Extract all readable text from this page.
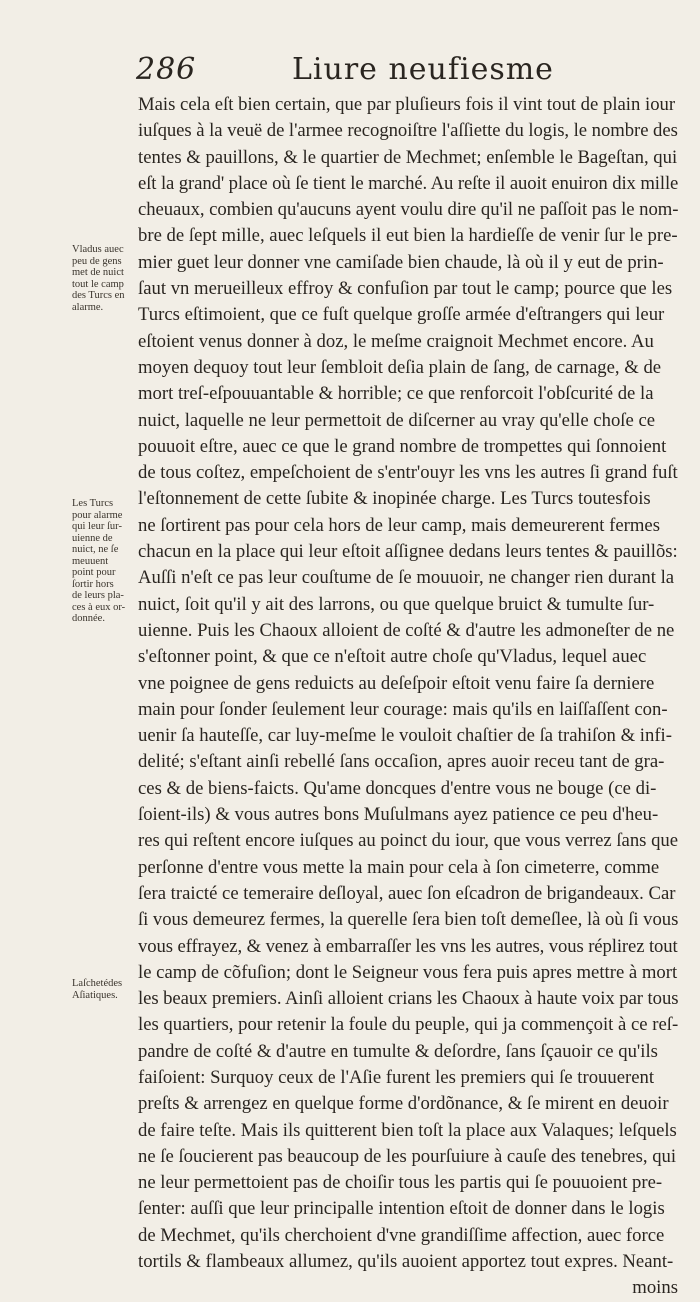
286	Liure neufiesme
Mais cela eſt bien certain, que par pluſieurs fois il vint tout de plain iour
iuſques à la veuë de l'armee recognoiſtre l'aſſiette du logis, le nombre des
tentes & pauillons, & le quartier de Mechmet; enſemble le Bageſtan, qui
eſt la grand' place où ſe tient le marché. Au reſte il auoit enuiron dix mille
cheuaux, combien qu'aucuns ayent voulu dire qu'il ne paſſoit pas le nom-
bre de ſept mille, auec leſquels il eut bien la hardieſſe de venir ſur le pre-
mier guet leur donner vne camiſade bien chaude, là où il y eut de prin-
ſaut vn merueilleux effroy & confuſion par tout le camp; pource que les
Turcs eſtimoient, que ce fuſt quelque groſſe armée d'eſtrangers qui leur
eſtoient venus donner à doz, le meſme craignoit Mechmet encore. Au
moyen dequoy tout leur ſembloit deſia plain de ſang, de carnage, & de
mort treſ-eſpouuantable & horrible; ce que renforcoit l'obſcurité de la
nuict, laquelle ne leur permettoit de diſcerner au vray qu'elle choſe ce
pouuoit eſtre, auec ce que le grand nombre de trompettes qui ſonnoient
de tous coſtez, empeſchoient de s'entr'ouyr les vns les autres ſi grand fuſt
l'eſtonnement de cette ſubite & inopinée charge. Les Turcs toutesfois
ne ſortirent pas pour cela hors de leur camp, mais demeurerent fermes
chacun en la place qui leur eſtoit aſſignee dedans leurs tentes & pauillõs:
Auſſi n'eſt ce pas leur couſtume de ſe mouuoir, ne changer rien durant la
nuict, ſoit qu'il y ait des larrons, ou que quelque bruict & tumulte ſur-
uienne. Puis les Chaoux alloient de coſté & d'autre les admoneſter de ne
s'eſtonner point, & que ce n'eſtoit autre choſe qu'Vladus, lequel auec
vne poignee de gens reduicts au deſeſpoir eſtoit venu faire ſa derniere
main pour ſonder ſeulement leur courage: mais qu'ils en laiſſaſſent con-
uenir ſa hauteſſe, car luy-meſme le vouloit chaſtier de ſa trahiſon & infi-
delité; s'eſtant ainſi rebellé ſans occaſion, apres auoir receu tant de gra-
ces & de biens-faicts. Qu'ame doncques d'entre vous ne bouge (ce di-
ſoient-ils) & vous autres bons Muſulmans ayez patience ce peu d'heu-
res qui reſtent encore iuſques au poinct du iour, que vous verrez ſans que
perſonne d'entre vous mette la main pour cela à ſon cimeterre, comme
ſera traicté ce temeraire deſloyal, auec ſon eſcadron de brigandeaux. Car
ſi vous demeurez fermes, la querelle ſera bien toſt demeſlee, là où ſi vous
vous effrayez, & venez à embarraſſer les vns les autres, vous réplirez tout
le camp de cõfuſion; dont le Seigneur vous fera puis apres mettre à mort
les beaux premiers. Ainſi alloient crians les Chaoux à haute voix par tous
les quartiers, pour retenir la foule du peuple, qui ja commençoit à ce reſ-
pandre de coſté & d'autre en tumulte & deſordre, ſans ſçauoir ce qu'ils
faiſoient: Surquoy ceux de l'Aſie furent les premiers qui ſe trouuerent
preſts & arrengez en quelque forme d'ordõnance, & ſe mirent en deuoir
de faire teſte. Mais ils quitterent bien toſt la place aux Valaques; leſquels
ne ſe ſoucierent pas beaucoup de les pourſuiure à cauſe des tenebres, qui
ne leur permettoient pas de choiſir tous les partis qui ſe pouuoient pre-
ſenter: auſſi que leur principalle intention eſtoit de donner dans le logis
de Mechmet, qu'ils cherchoient d'vne grandiſſime affection, auec force
tortils & flambeaux allumez, qu'ils auoient apportez tout expres. Neant-
moins
Vladus auec
peu de gens
met de nuict
tout le camp
des Turcs en
alarme.
Les Turcs
pour alarme
qui leur ſur-
uienne de
nuict, ne ſe
meuuent
point pour
ſortir hors
de leurs pla-
ces à eux or-
donnée.
Laſchetédes
Aſiatiques.
